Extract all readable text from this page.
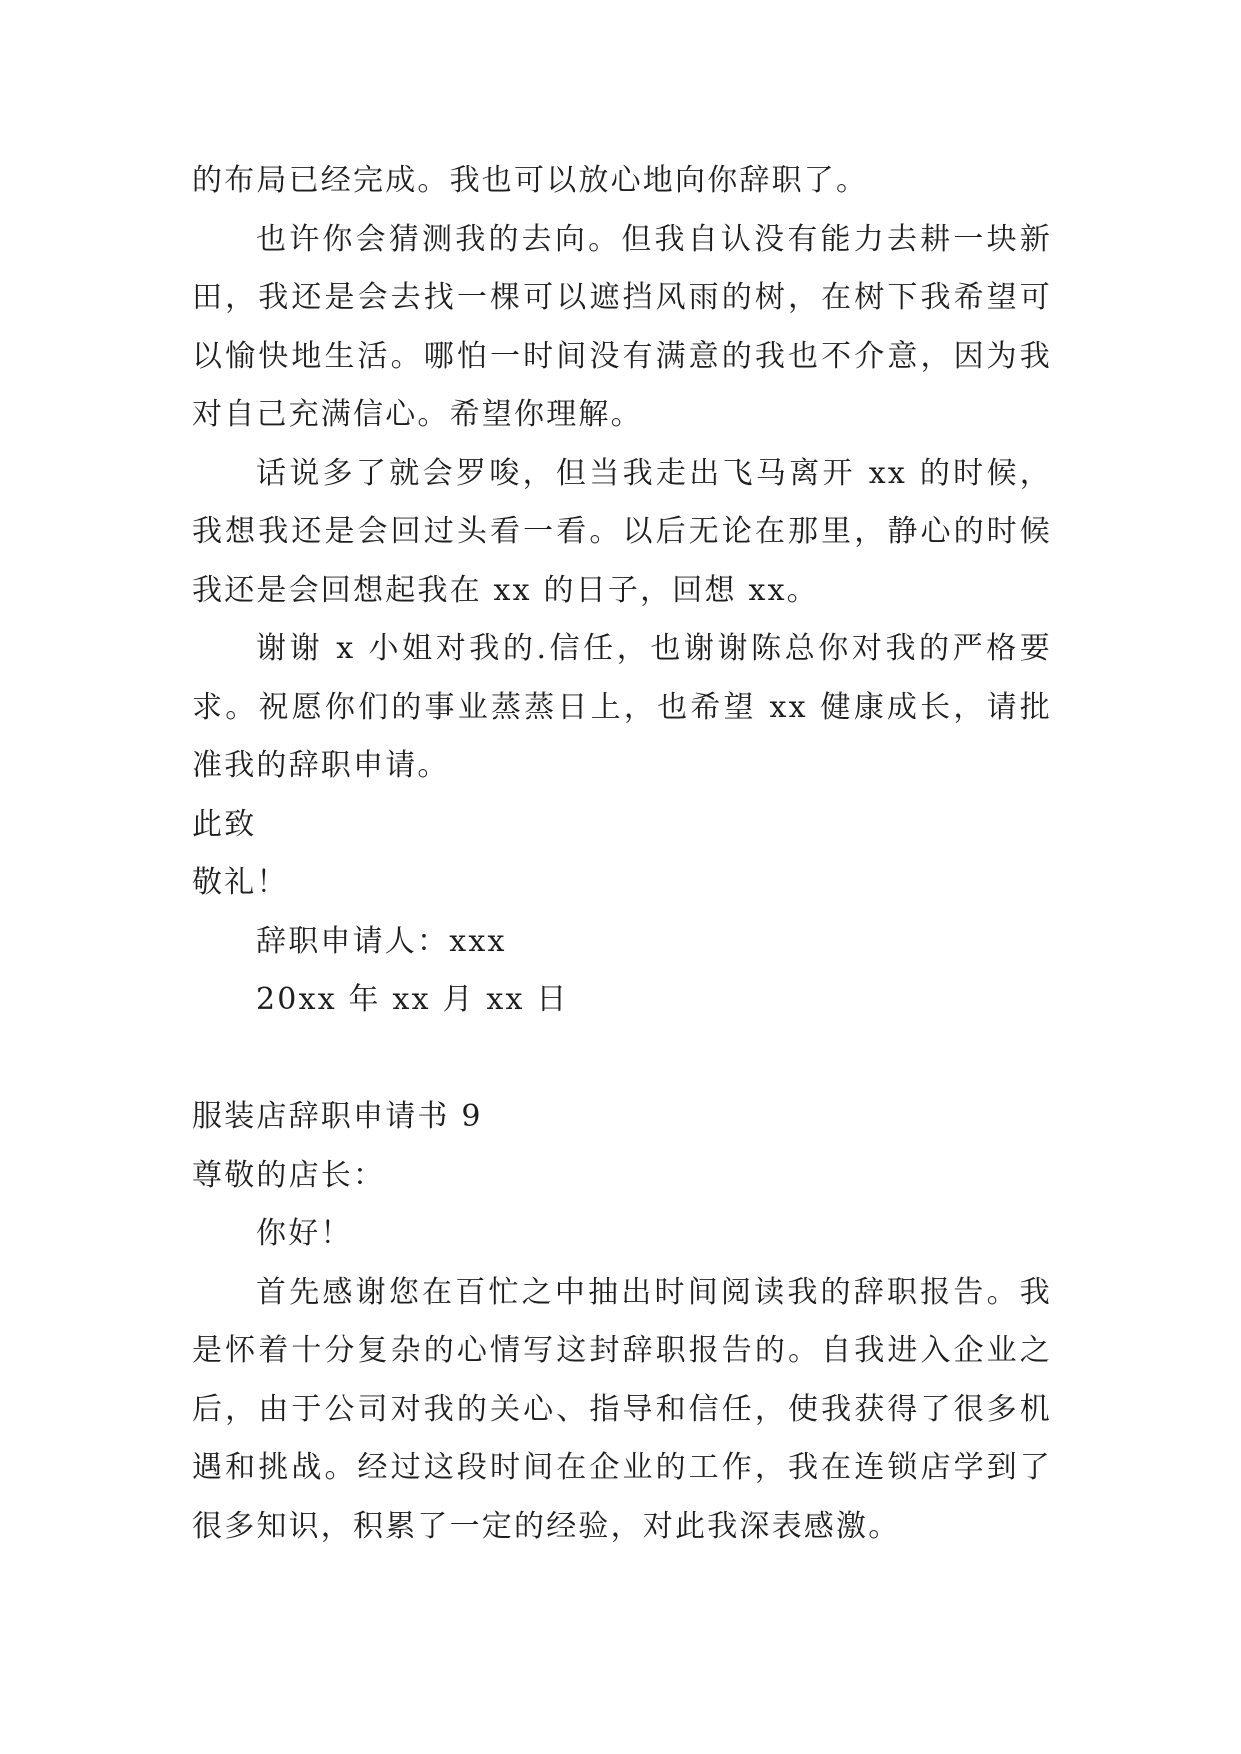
的布局已经完成。我也可以放心地向你辞职了。

也许你会猜测我的去向。但我自认没有能力去耕一块新田，我还是会去找一棵可以遮挡风雨的树，在树下我希望可以愉快地生活。哪怕一时间没有满意的我也不介意，因为我对自己充满信心。希望你理解。

话说多了就会罗唆，但当我走出飞马离开 xx 的时候，我想我还是会回过头看一看。以后无论在那里，静心的时候我还是会回想起我在 xx 的日子，回想 xx。

谢谢 x 小姐对我的.信任，也谢谢陈总你对我的严格要求。祝愿你们的事业蒸蒸日上，也希望 xx 健康成长，请批准我的辞职申请。

此致

敬礼！

辞职申请人：xxx

20xx 年 xx 月 xx 日

服装店辞职申请书 9

尊敬的店长：

你好！

首先感谢您在百忙之中抽出时间阅读我的辞职报告。我是怀着十分复杂的心情写这封辞职报告的。自我进入企业之后，由于公司对我的关心、指导和信任，使我获得了很多机遇和挑战。经过这段时间在企业的工作，我在连锁店学到了很多知识，积累了一定的经验，对此我深表感激。
